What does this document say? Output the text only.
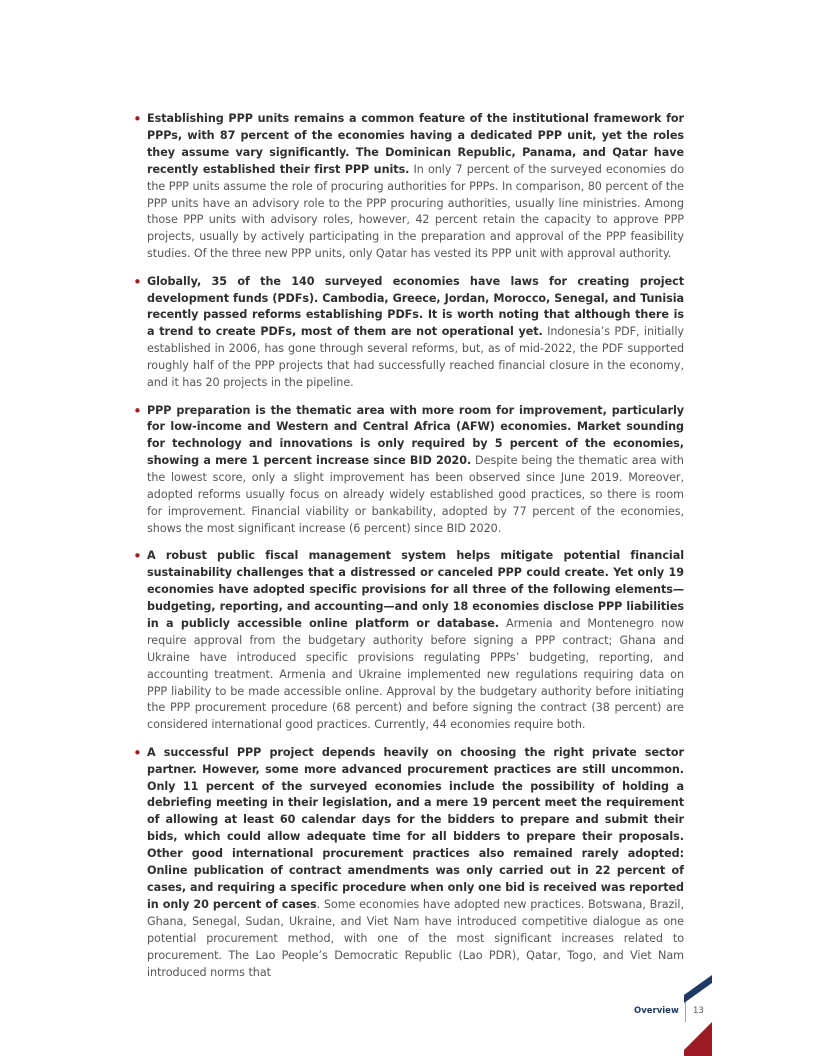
• Establishing PPP units remains a common feature of the institutional framework for PPPs, with 87 percent of the economies having a dedicated PPP unit, yet the roles they assume vary significantly. The Dominican Republic, Panama, and Qatar have recently established their first PPP units. In only 7 percent of the surveyed economies do the PPP units assume the role of procuring authorities for PPPs. In comparison, 80 percent of the PPP units have an advisory role to the PPP procuring authorities, usually line ministries. Among those PPP units with advisory roles, however, 42 percent retain the capacity to approve PPP projects, usually by actively participating in the preparation and approval of the PPP feasibility studies. Of the three new PPP units, only Qatar has vested its PPP unit with approval authority.
• Globally, 35 of the 140 surveyed economies have laws for creating project development funds (PDFs). Cambodia, Greece, Jordan, Morocco, Senegal, and Tunisia recently passed reforms establishing PDFs. It is worth noting that although there is a trend to create PDFs, most of them are not operational yet. Indonesia’s PDF, initially established in 2006, has gone through several reforms, but, as of mid-2022, the PDF supported roughly half of the PPP projects that had successfully reached financial closure in the economy, and it has 20 projects in the pipeline.
• PPP preparation is the thematic area with more room for improvement, particularly for low-income and Western and Central Africa (AFW) economies. Market sounding for technology and innovations is only required by 5 percent of the economies, showing a mere 1 percent increase since BID 2020. Despite being the thematic area with the lowest score, only a slight improvement has been observed since June 2019. Moreover, adopted reforms usually focus on already widely established good practices, so there is room for improvement. Financial viability or bankability, adopted by 77 percent of the economies, shows the most significant increase (6 percent) since BID 2020.
• A robust public fiscal management system helps mitigate potential financial sustainability challenges that a distressed or canceled PPP could create. Yet only 19 economies have adopted specific provisions for all three of the following elements—budgeting, reporting, and accounting—and only 18 economies disclose PPP liabilities in a publicly accessible online platform or database. Armenia and Montenegro now require approval from the budgetary authority before signing a PPP contract; Ghana and Ukraine have introduced specific provisions regulating PPPs’ budgeting, reporting, and accounting treatment. Armenia and Ukraine implemented new regulations requiring data on PPP liability to be made accessible online. Approval by the budgetary authority before initiating the PPP procurement procedure (68 percent) and before signing the contract (38 percent) are considered international good practices. Currently, 44 economies require both.
• A successful PPP project depends heavily on choosing the right private sector partner. However, some more advanced procurement practices are still uncommon. Only 11 percent of the surveyed economies include the possibility of holding a debriefing meeting in their legislation, and a mere 19 percent meet the requirement of allowing at least 60 calendar days for the bidders to prepare and submit their bids, which could allow adequate time for all bidders to prepare their proposals. Other good international procurement practices also remained rarely adopted: Online publication of contract amendments was only carried out in 22 percent of cases, and requiring a specific procedure when only one bid is received was reported in only 20 percent of cases. Some economies have adopted new practices. Botswana, Brazil, Ghana, Senegal, Sudan, Ukraine, and Viet Nam have introduced competitive dialogue as one potential procurement method, with one of the most significant increases related to procurement. The Lao People’s Democratic Republic (Lao PDR), Qatar, Togo, and Viet Nam introduced norms that
Overview 13
